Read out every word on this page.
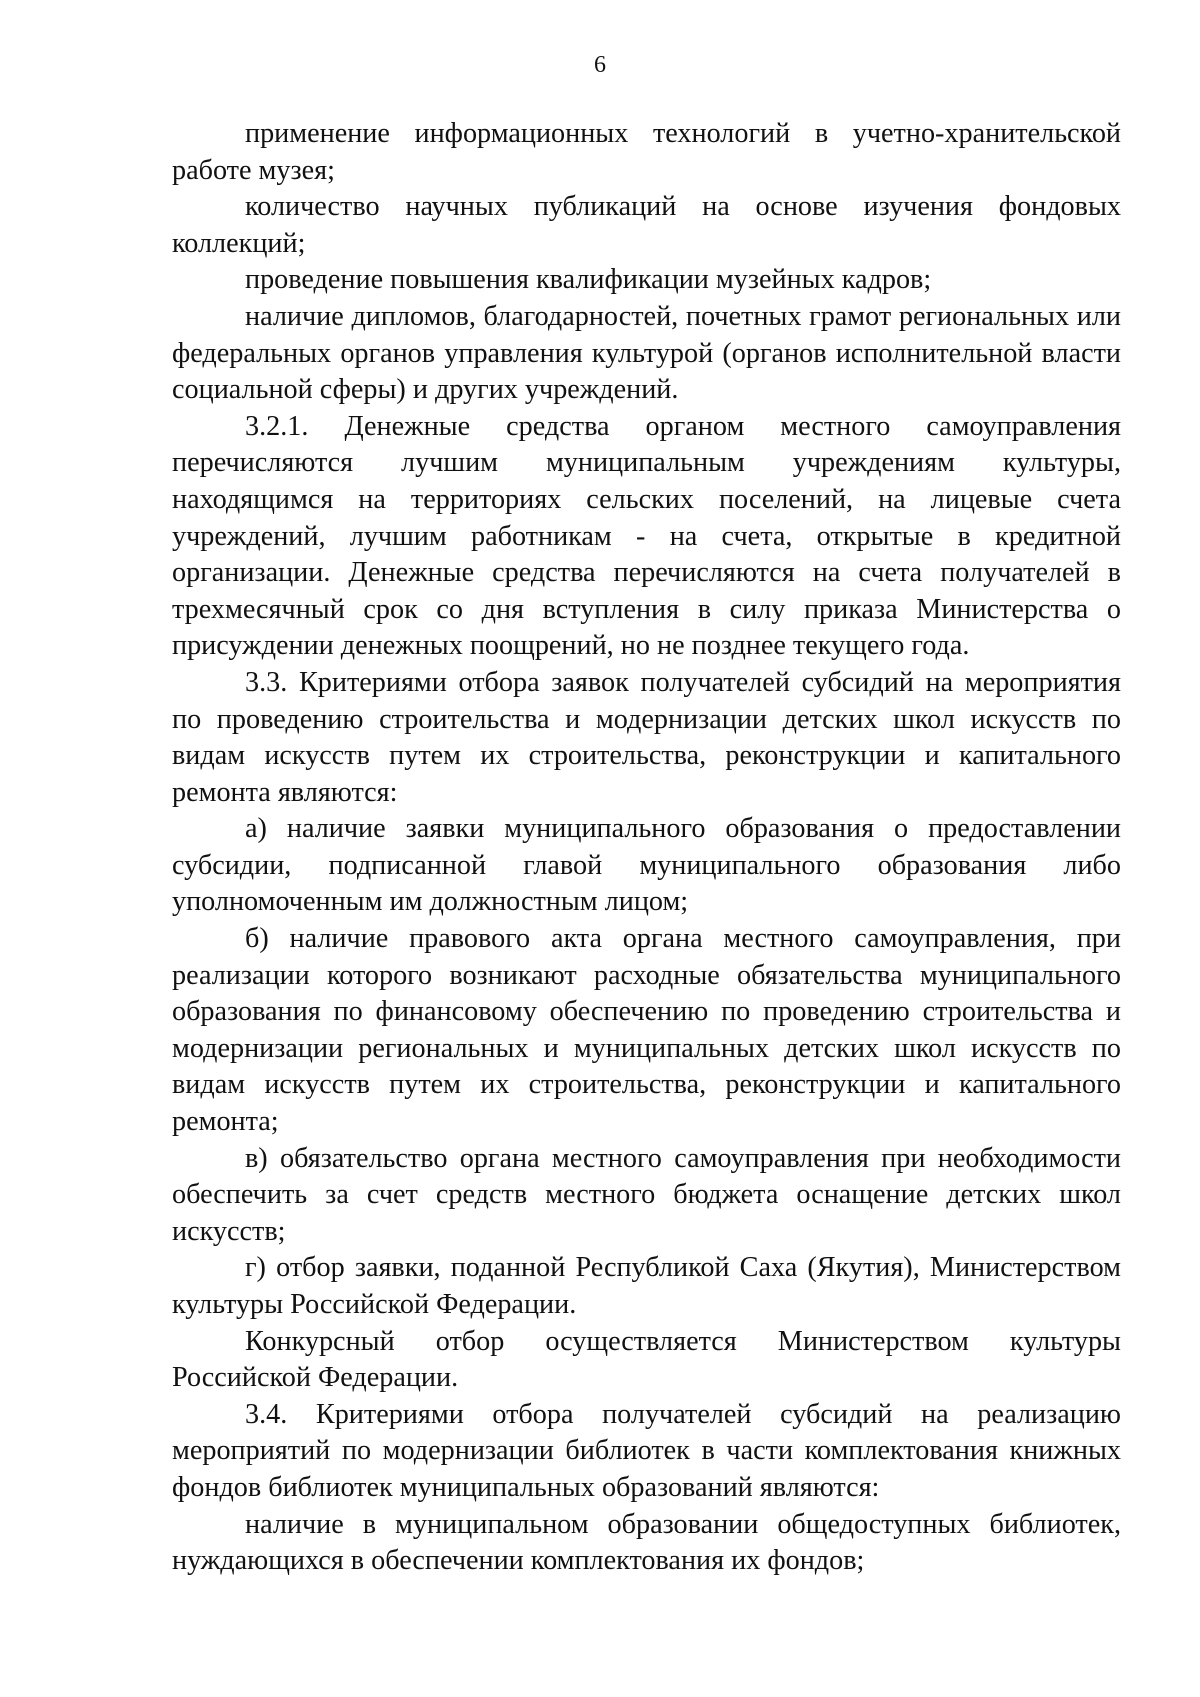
6

применение информационных технологий в учетно-хранительской работе музея;

количество научных публикаций на основе изучения фондовых коллекций;

проведение повышения квалификации музейных кадров;

наличие дипломов, благодарностей, почетных грамот региональных или федеральных органов управления культурой (органов исполнительной власти социальной сферы) и других учреждений.

3.2.1. Денежные средства органом местного самоуправления перечисляются лучшим муниципальным учреждениям культуры, находящимся на территориях сельских поселений, на лицевые счета учреждений, лучшим работникам - на счета, открытые в кредитной организации. Денежные средства перечисляются на счета получателей в трехмесячный срок со дня вступления в силу приказа Министерства о присуждении денежных поощрений, но не позднее текущего года.

3.3. Критериями отбора заявок получателей субсидий на мероприятия по проведению строительства и модернизации детских школ искусств по видам искусств путем их строительства, реконструкции и капитального ремонта являются:

а) наличие заявки муниципального образования о предоставлении субсидии, подписанной главой муниципального образования либо уполномоченным им должностным лицом;

б) наличие правового акта органа местного самоуправления, при реализации которого возникают расходные обязательства муниципального образования по финансовому обеспечению по проведению строительства и модернизации региональных и муниципальных детских школ искусств по видам искусств путем их строительства, реконструкции и капитального ремонта;

в) обязательство органа местного самоуправления при необходимости обеспечить за счет средств местного бюджета оснащение детских школ искусств;

г) отбор заявки, поданной Республикой Саха (Якутия), Министерством культуры Российской Федерации.

Конкурсный отбор осуществляется Министерством культуры Российской Федерации.

3.4. Критериями отбора получателей субсидий на реализацию мероприятий по модернизации библиотек в части комплектования книжных фондов библиотек муниципальных образований являются:

наличие в муниципальном образовании общедоступных библиотек, нуждающихся в обеспечении комплектования их фондов;
